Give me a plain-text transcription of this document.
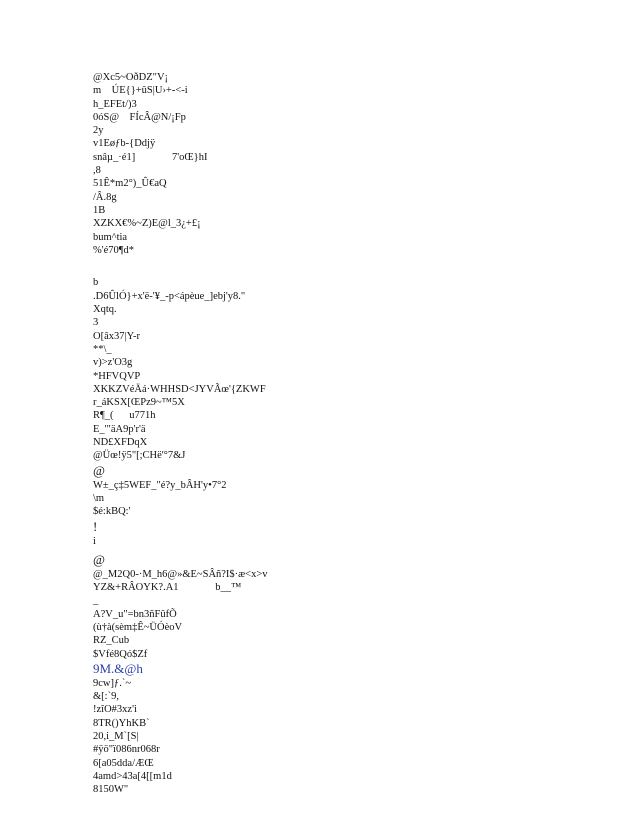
@Xc5~OðDZ"V¡
m    ÚE{}+ûS|U›+-<-i
h_EFEt/)3
0óS@    FÍcÂ@N/¡Fp
2y
v1Eøƒb-{Ddjÿ
snâµ_·é1]              7'oŒ}hI
,8
51Ê*m2°)_Û€aQ
/Â.8g
1B
XZKX€%~Z)E@l_3¿+£¡
bum^tia
%'é70¶d*
b
.D6ÛlÓ}+x'ë-'¥_-p<ápèue_]ebj'y8."
Xqtq.
3
O[âx37|Y-r
**\_
v)>z'O3g
*HFVQVP
XKKZVéÄá·WHHSD<JYVÃœ'{ZKWF
r_áKSX[ŒPz9~™5X
R¶_(      u771h
E_'"äA9p'r'ä
ND£XFDqX
@Üœ!ÿ5"[;CHë'°7&J
@
W±_ç‡5WEF_"é?y_bÂH'y•7°2
\m
$é:kBQ:'
!
i
@
@_M2Q0-·M_h6@»&E~SÂñ?I$·æ<x>v
YZ&+RÂOYK?.A1              b__™
_
A?V_u"=bn3ñFûfÕ
(ù†à(sèm‡Ê~ÜÓèoV
RZ_Cub
$Vfé8Qó$Zf
9M.&@h
9cw]ƒ.`~
&[:`9,
!zîO#3xz'i
8TR()YhKB`
20,i_M`[S|
#ÿö"ï086nr068r
6[a05dda/ÆŒ
4amd>43a[4[[m1d
8150W"
